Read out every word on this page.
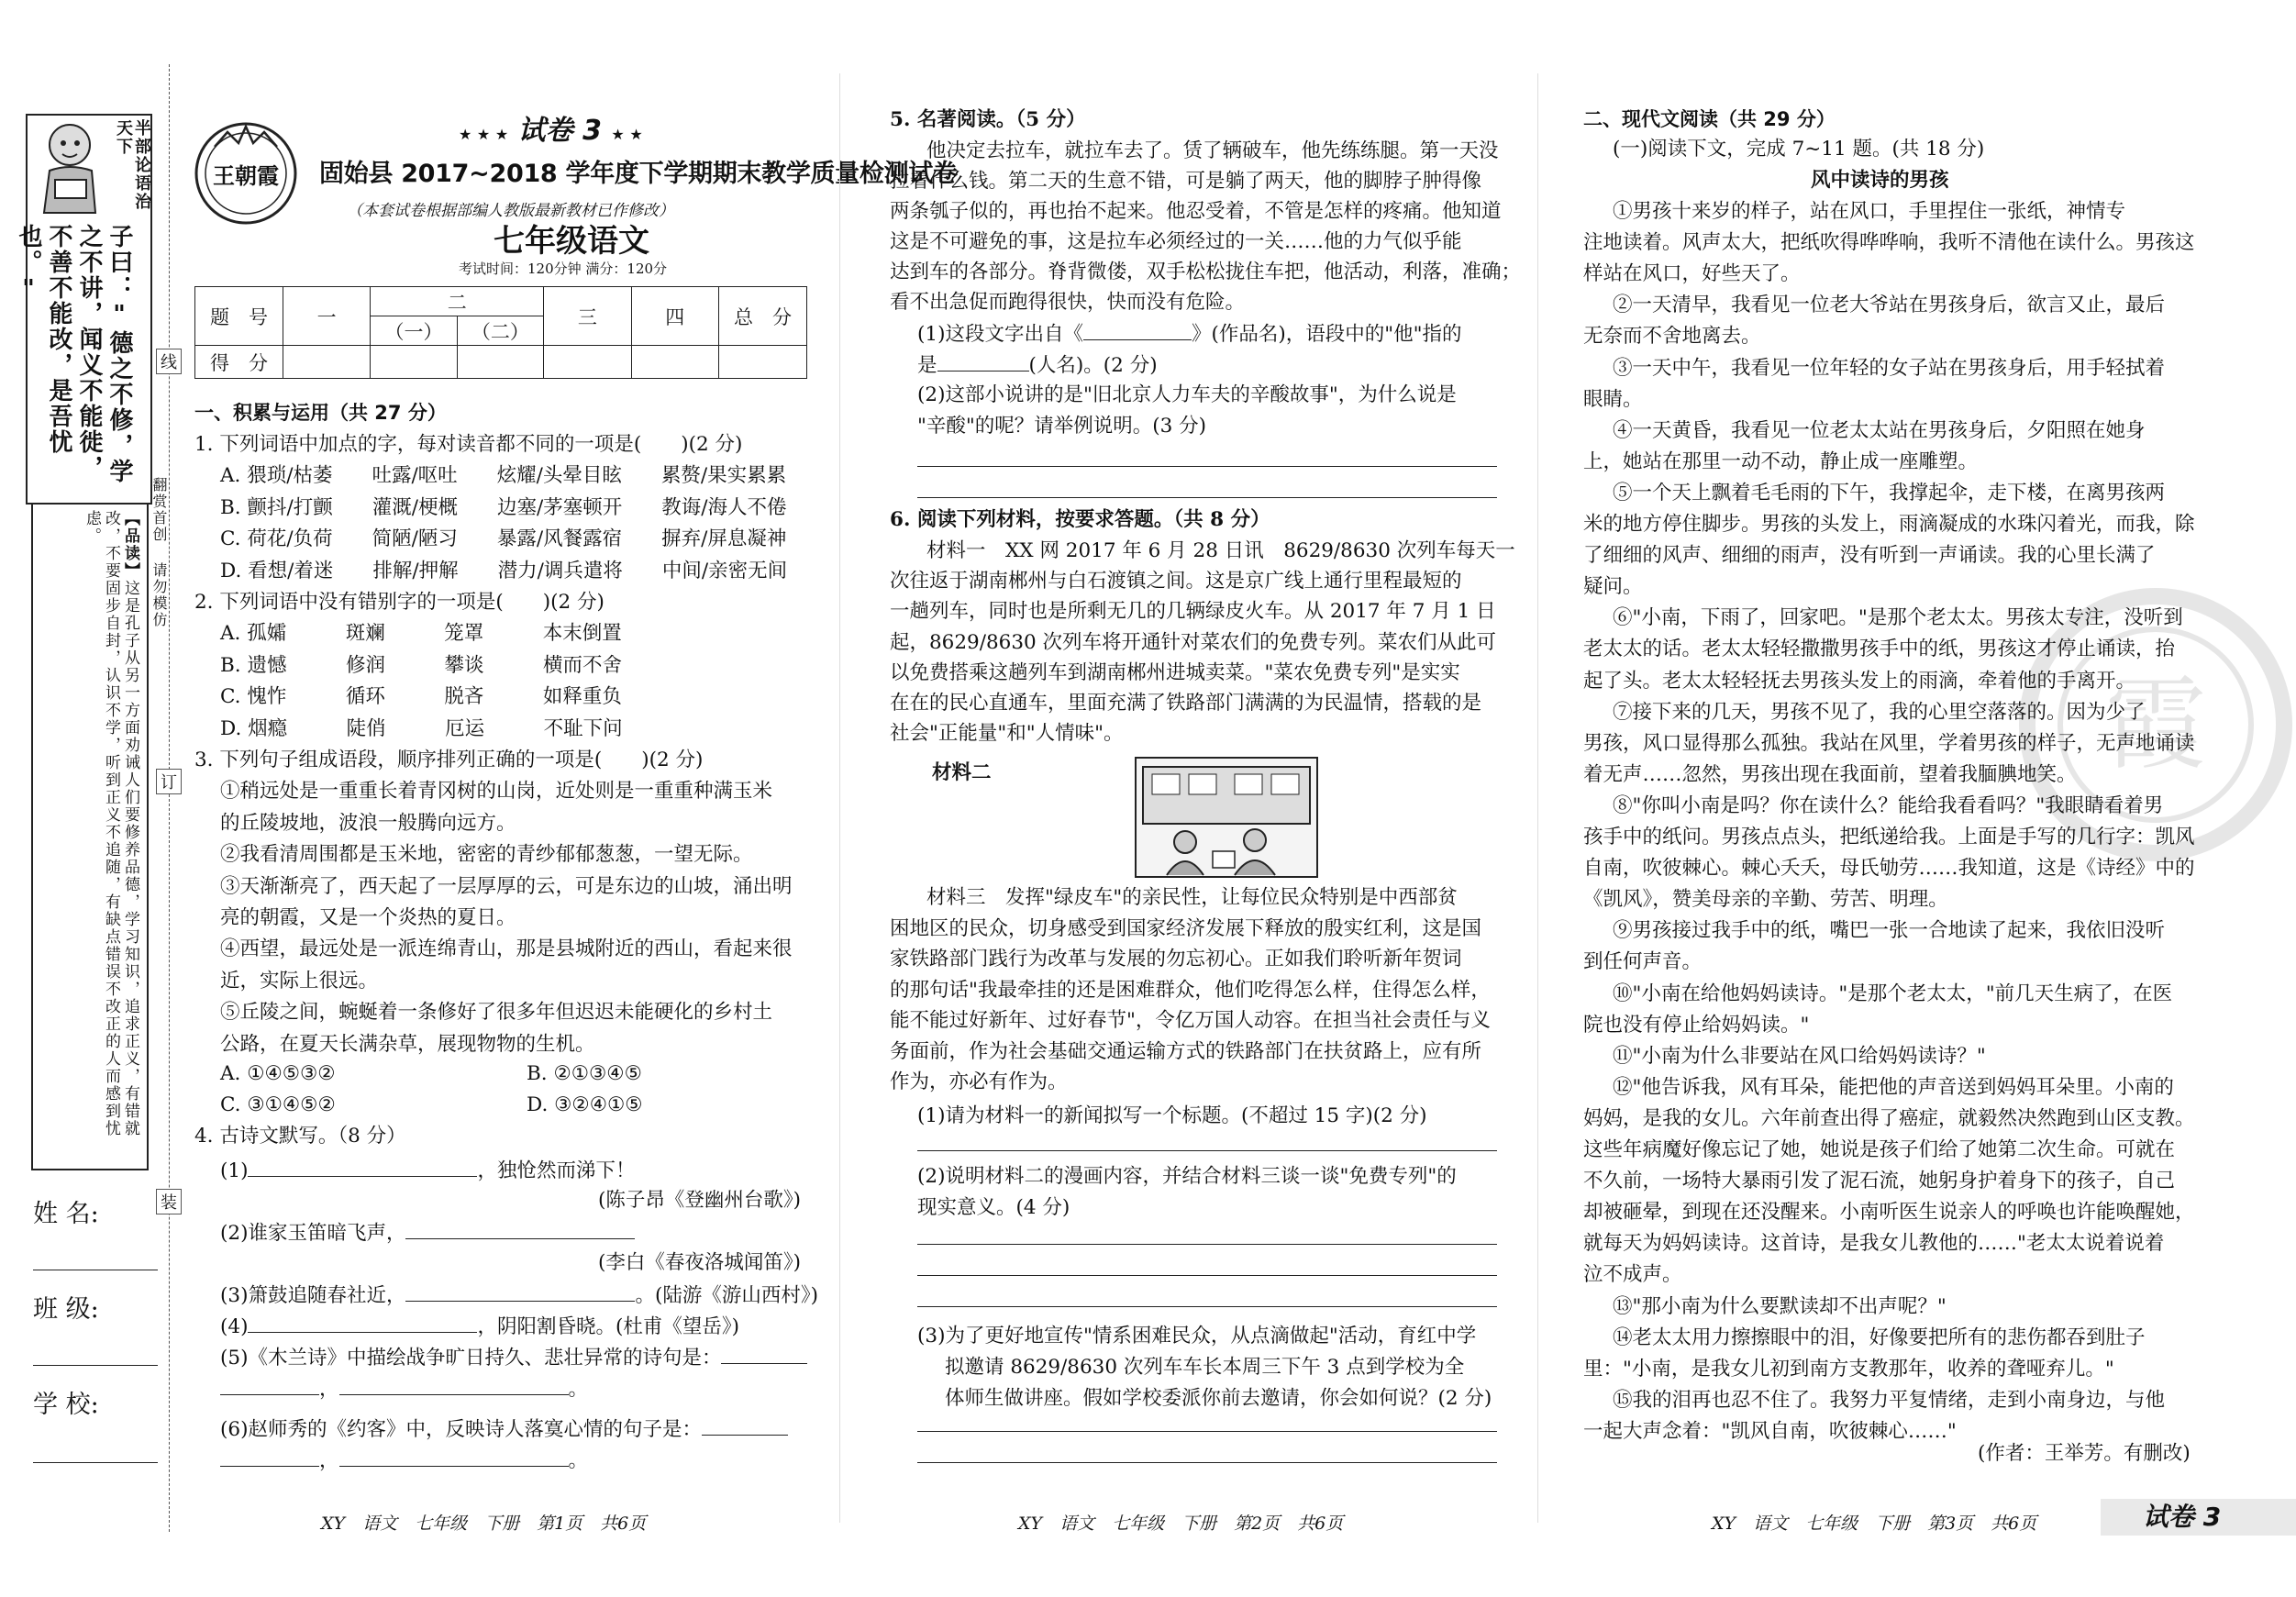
半部论语治天下
子曰："德之不修，学之不讲，闻义不能徙，不善不能改，是吾忧也。"
【品读】这是孔子从另一方面劝诫人们要修养品德，学习知识，追求正义，有错就改，不要固步自封，认识不学，听到正义不追随，有缺点错误不改正的人而感到忧虑。
线
订
装
翻赏首创 请勿模仿
姓 名:
班 级:
学 校:
王朝霞
★ ★ ★ 试卷 3 ★ ★
固始县 2017~2018 学年度下学期期末教学质量检测试卷
（本套试卷根据部编人教版最新教材已作修改）
七年级语文
考试时间：120分钟 满分：120分
题　号	一	二		三	四	总　分
		（一）	（二）			
得　分						
一、积累与运用（共 27 分）
1. 下列词语中加点的字，每对读音都不同的一项是(　　)(2 分)
A. 猥琐/枯萎　　吐露/呕吐　　炫耀/头晕目眩　　累赘/果实累累
B. 颤抖/打颤　　灌溉/梗概　　边塞/茅塞顿开　　教诲/海人不倦
C. 荷花/负荷　　简陋/陋习　　暴露/风餐露宿　　摒弃/屏息凝神
D. 看想/着迷　　排解/押解　　潜力/调兵遣将　　中间/亲密无间
2. 下列词语中没有错别字的一项是(　　)(2 分)
A. 孤孀　　　斑斓　　　笼罩　　　本末倒置
B. 遗憾　　　修润　　　攀谈　　　横而不舍
C. 愧怍　　　循环　　　脱吝　　　如释重负
D. 烟瘾　　　陡俏　　　厄运　　　不耻下问
3. 下列句子组成语段，顺序排列正确的一项是(　　)(2 分)
①稍远处是一重重长着青冈树的山岗，近处则是一重重种满玉米
的丘陵坡地，波浪一般腾向远方。
②我看清周围都是玉米地，密密的青纱郁郁葱葱，一望无际。
③天渐渐亮了，西天起了一层厚厚的云，可是东边的山坡，涌出明
亮的朝霞，又是一个炎热的夏日。
④西望，最远处是一派连绵青山，那是县城附近的西山，看起来很
近，实际上很远。
⑤丘陵之间，蜿蜒着一条修好了很多年但迟迟未能硬化的乡村土
公路，在夏天长满杂草，展现物物的生机。
A. ①④⑤③②	B. ②①③④⑤
C. ③①④⑤②	D. ③②④①⑤
4. 古诗文默写。（8 分）
(1)	，独怆然而涕下！
(陈子昂《登幽州台歌》)
(2)谁家玉笛暗飞声，
(李白《春夜洛城闻笛》)
(3)箫鼓追随春社近，	。(陆游《游山西村》)
(4)	，阴阳割昏晓。(杜甫《望岳》)
(5)《木兰诗》中描绘战争旷日持久、悲壮异常的诗句是：
，	。
(6)赵师秀的《约客》中，反映诗人落寞心情的句子是：
，	。
XY　语文　七年级　下册　第1页　共6页
5. 名著阅读。（5 分）
他决定去拉车，就拉车去了。赁了辆破车，他先练练腿。第一天没
拉着什么钱。第二天的生意不错，可是躺了两天，他的脚脖子肿得像
两条瓠子似的，再也抬不起来。他忍受着，不管是怎样的疼痛。他知道
这是不可避免的事，这是拉车必须经过的一关……他的力气似乎能
达到车的各部分。脊背微偻，双手松松拢住车把，他活动，利落，准确；
看不出急促而跑得很快，快而没有危险。
(1)这段文字出自《	》(作品名)，语段中的"他"指的
是	(人名)。(2 分)
(2)这部小说讲的是"旧北京人力车夫的辛酸故事"，为什么说是
"辛酸"的呢？请举例说明。(3 分)
6. 阅读下列材料，按要求答题。（共 8 分）
材料一　XX 网 2017 年 6 月 28 日讯　8629/8630 次列车每天一
次往返于湖南郴州与白石渡镇之间。这是京广线上通行里程最短的
一趟列车，同时也是所剩无几的几辆绿皮火车。从 2017 年 7 月 1 日
起，8629/8630 次列车将开通针对菜农们的免费专列。菜农们从此可
以免费搭乘这趟列车到湖南郴州进城卖菜。"菜农免费专列"是实实
在在的民心直通车，里面充满了铁路部门满满的为民温情，搭载的是
社会"正能量"和"人情味"。
材料二
材料三　发挥"绿皮车"的亲民性，让每位民众特别是中西部贫
困地区的民众，切身感受到国家经济发展下释放的殷实红利，这是国
家铁路部门践行为改革与发展的勿忘初心。正如我们聆听新年贺词
的那句话"我最牵挂的还是困难群众，他们吃得怎么样，住得怎么样，
能不能过好新年、过好春节"，令亿万国人动容。在担当社会责任与义
务面前，作为社会基础交通运输方式的铁路部门在扶贫路上，应有所
作为，亦必有作为。
(1)请为材料一的新闻拟写一个标题。(不超过 15 字)(2 分)
(2)说明材料二的漫画内容，并结合材料三谈一谈"免费专列"的
现实意义。(4 分)
(3)为了更好地宣传"情系困难民众，从点滴做起"活动，育红中学
拟邀请 8629/8630 次列车车长本周三下午 3 点到学校为全
体师生做讲座。假如学校委派你前去邀请，你会如何说？(2 分)
XY　语文　七年级　下册　第2页　共6页
霞
二、现代文阅读（共 29 分）
(一)阅读下文，完成 7~11 题。(共 18 分)
风中读诗的男孩
①男孩十来岁的样子，站在风口，手里捏住一张纸，神情专
注地读着。风声太大，把纸吹得哗哗响，我听不清他在读什么。男孩这
样站在风口，好些天了。
②一天清早，我看见一位老大爷站在男孩身后，欲言又止，最后
无奈而不舍地离去。
③一天中午，我看见一位年轻的女子站在男孩身后，用手轻拭着
眼睛。
④一天黄昏，我看见一位老太太站在男孩身后，夕阳照在她身
上，她站在那里一动不动，静止成一座雕塑。
⑤一个天上飘着毛毛雨的下午，我撑起伞，走下楼，在离男孩两
米的地方停住脚步。男孩的头发上，雨滴凝成的水珠闪着光，而我，除
了细细的风声、细细的雨声，没有听到一声诵读。我的心里长满了
疑问。
⑥"小南，下雨了，回家吧。"是那个老太太。男孩太专注，没听到
老太太的话。老太太轻轻撒撒男孩手中的纸，男孩这才停止诵读，抬
起了头。老太太轻轻抚去男孩头发上的雨滴，牵着他的手离开。
⑦接下来的几天，男孩不见了，我的心里空落落的。因为少了
男孩，风口显得那么孤独。我站在风里，学着男孩的样子，无声地诵读
着无声……忽然，男孩出现在我面前，望着我腼腆地笑。
⑧"你叫小南是吗？你在读什么？能给我看看吗？"我眼睛看着男
孩手中的纸问。男孩点点头，把纸递给我。上面是手写的几行字：凯风
自南，吹彼棘心。棘心夭夭，母氏劬劳……我知道，这是《诗经》中的
《凯风》，赞美母亲的辛勤、劳苦、明理。
⑨男孩接过我手中的纸，嘴巴一张一合地读了起来，我依旧没听
到任何声音。
⑩"小南在给他妈妈读诗。"是那个老太太，"前几天生病了，在医
院也没有停止给妈妈读。"
⑪"小南为什么非要站在风口给妈妈读诗？"
⑫"他告诉我，风有耳朵，能把他的声音送到妈妈耳朵里。小南的
妈妈，是我的女儿。六年前查出得了癌症，就毅然决然跑到山区支教。
这些年病魔好像忘记了她，她说是孩子们给了她第二次生命。可就在
不久前，一场特大暴雨引发了泥石流，她躬身护着身下的孩子，自己
却被砸晕，到现在还没醒来。小南听医生说亲人的呼唤也许能唤醒她，
就每天为妈妈读诗。这首诗，是我女儿教他的……"老太太说着说着
泣不成声。
⑬"那小南为什么要默读却不出声呢？"
⑭老太太用力擦擦眼中的泪，好像要把所有的悲伤都吞到肚子
里："小南，是我女儿初到南方支教那年，收养的聋哑弃儿。"
⑮我的泪再也忍不住了。我努力平复情绪，走到小南身边，与他
一起大声念着："凯风自南，吹彼棘心……"
(作者：王举芳。有删改)
XY　语文　七年级　下册　第3页　共6页	试卷 3
